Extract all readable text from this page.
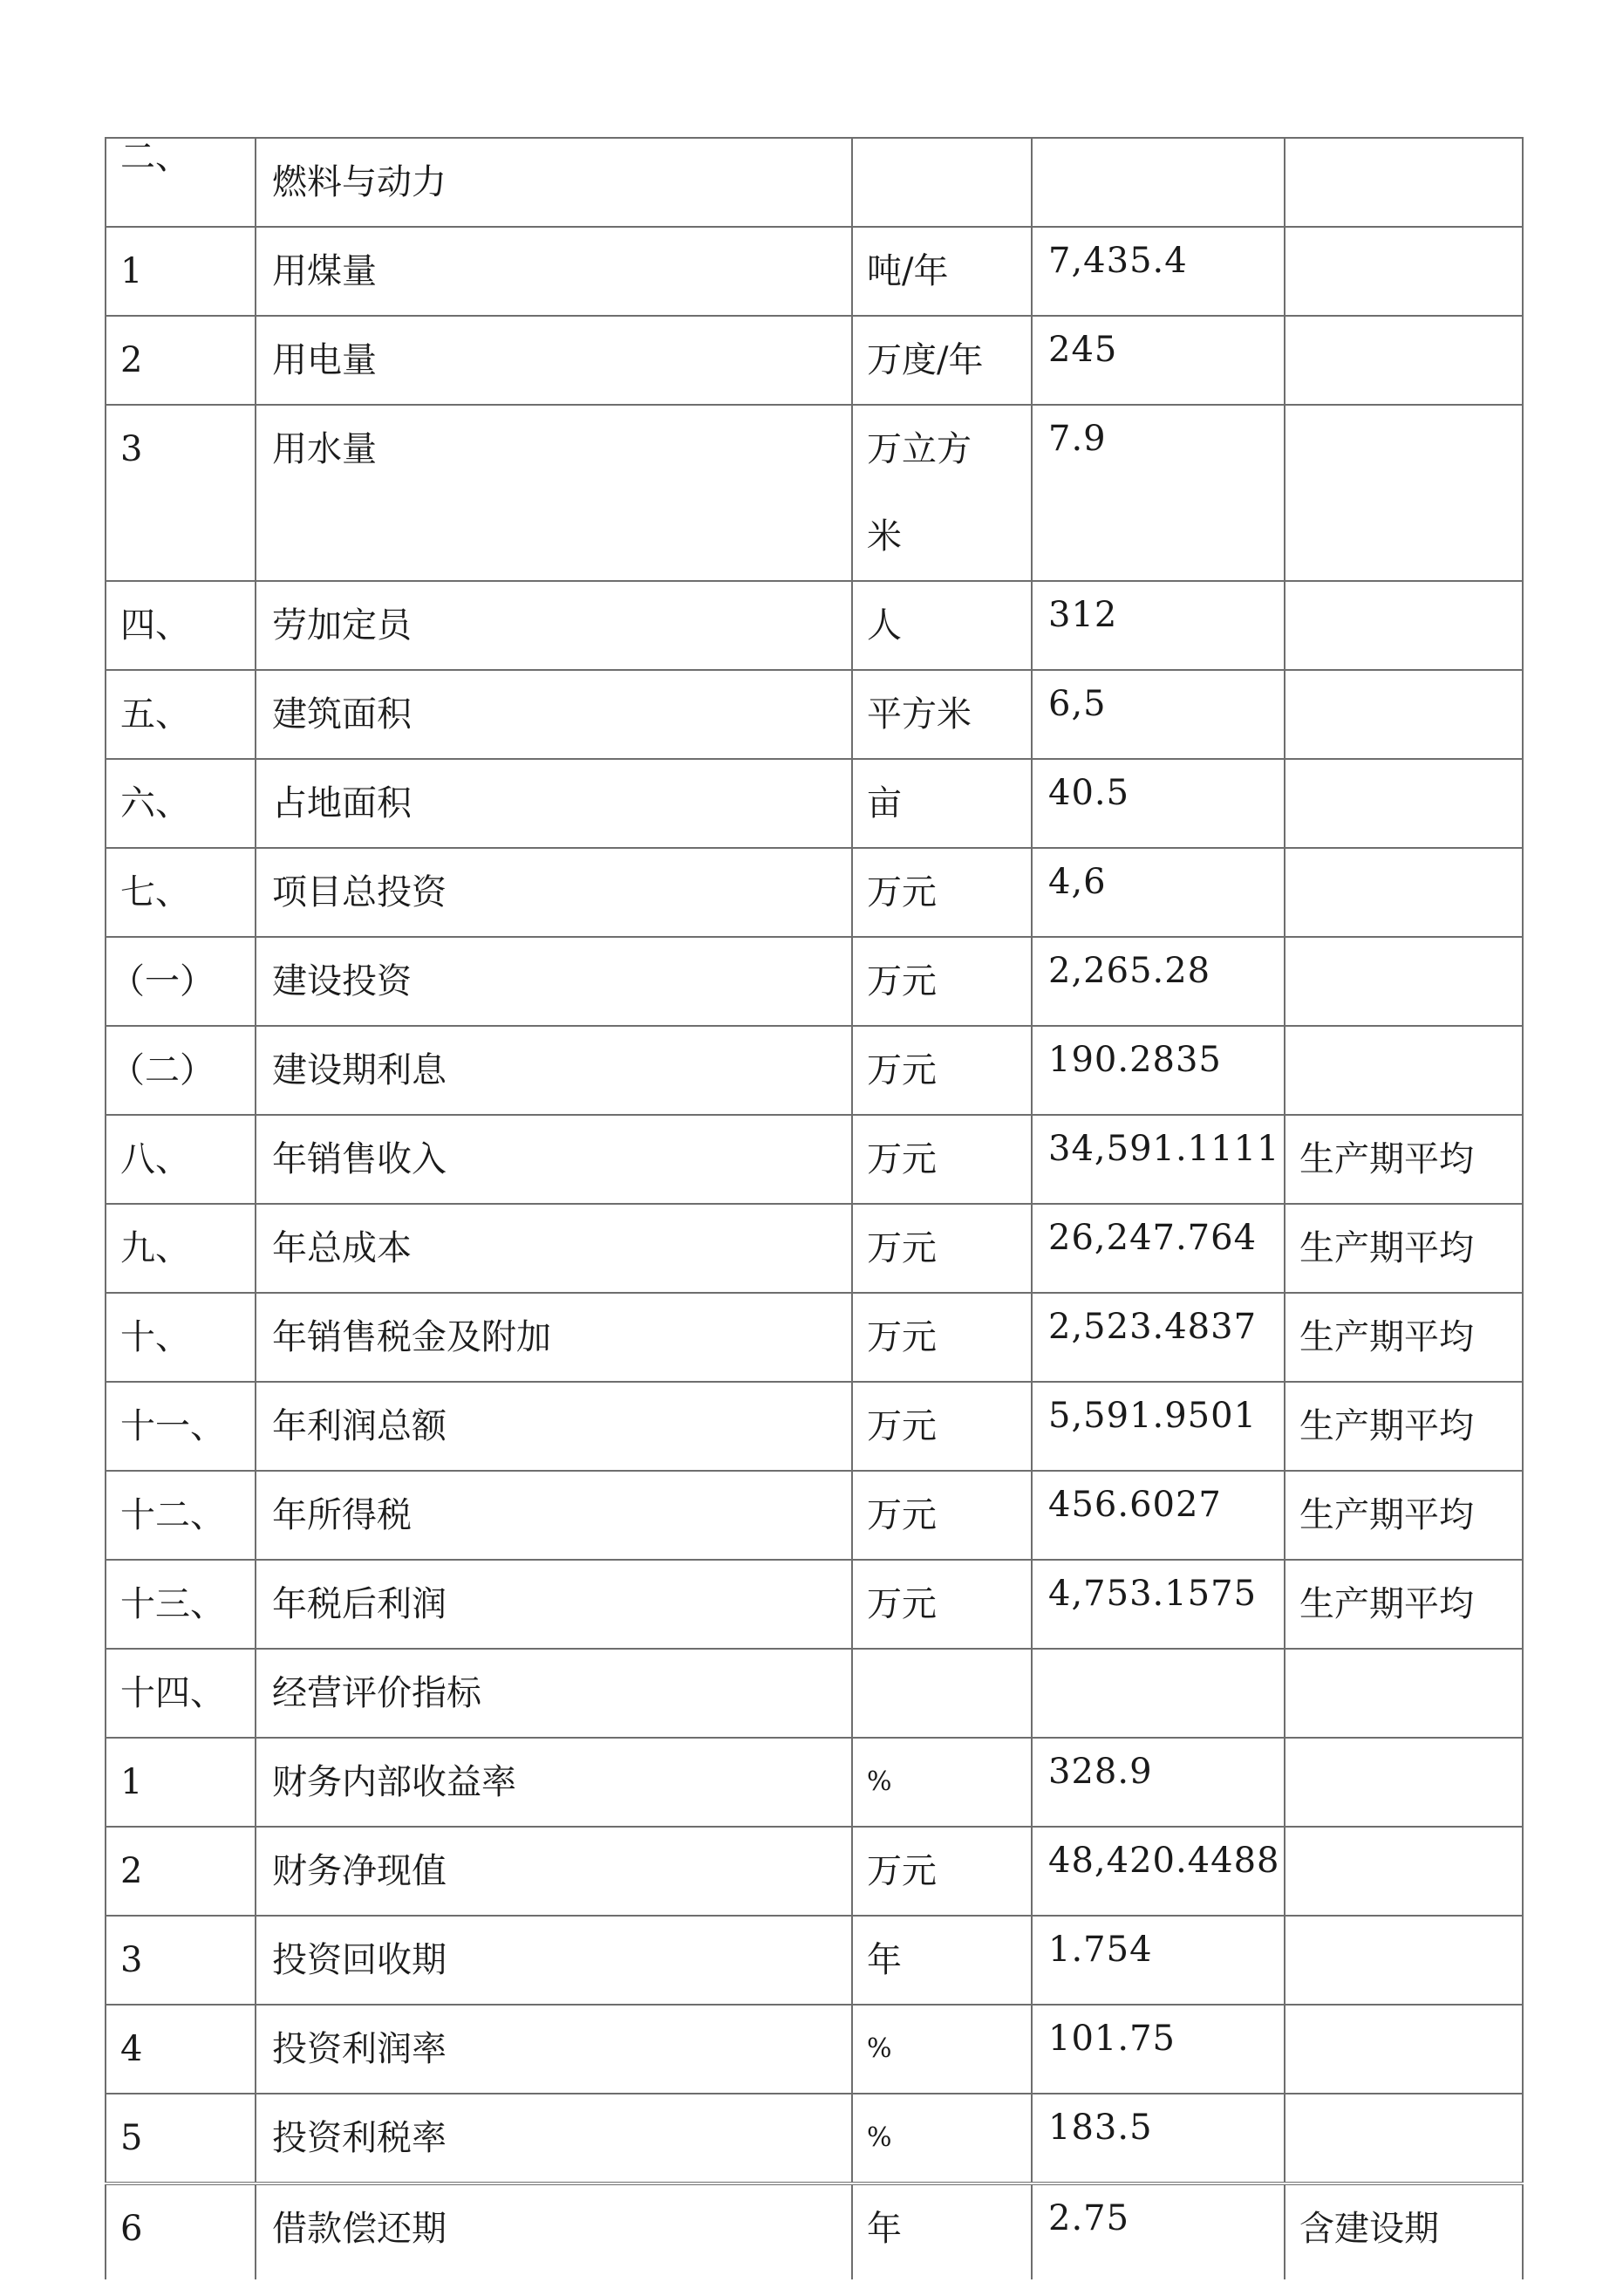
二、	燃料与动力			

1	用煤量	吨/年	7,435.4	

2	用电量	万度/年	245	

3	用水量	万立方米	7.9	

四、	劳加定员	人	312	

五、	建筑面积	平方米	6,5	

六、	占地面积	亩	40.5	

七、	项目总投资	万元	4,6	

（一）	建设投资	万元	2,265.28	

（二）	建设期利息	万元	190.2835	

八、	年销售收入	万元	34,591.1111	生产期平均

九、	年总成本	万元	26,247.764	生产期平均

十、	年销售税金及附加	万元	2,523.4837	生产期平均

十一、	年利润总额	万元	5,591.9501	生产期平均

十二、	年所得税	万元	456.6027	生产期平均

十三、	年税后利润	万元	4,753.1575	生产期平均

十四、	经营评价指标			

1	财务内部收益率	%	328.9	

2	财务净现值	万元	48,420.4488	

3	投资回收期	年	1.754	

4	投资利润率	%	101.75	

5	投资利税率	%	183.5	

6	借款偿还期	年	2.75	含建设期
